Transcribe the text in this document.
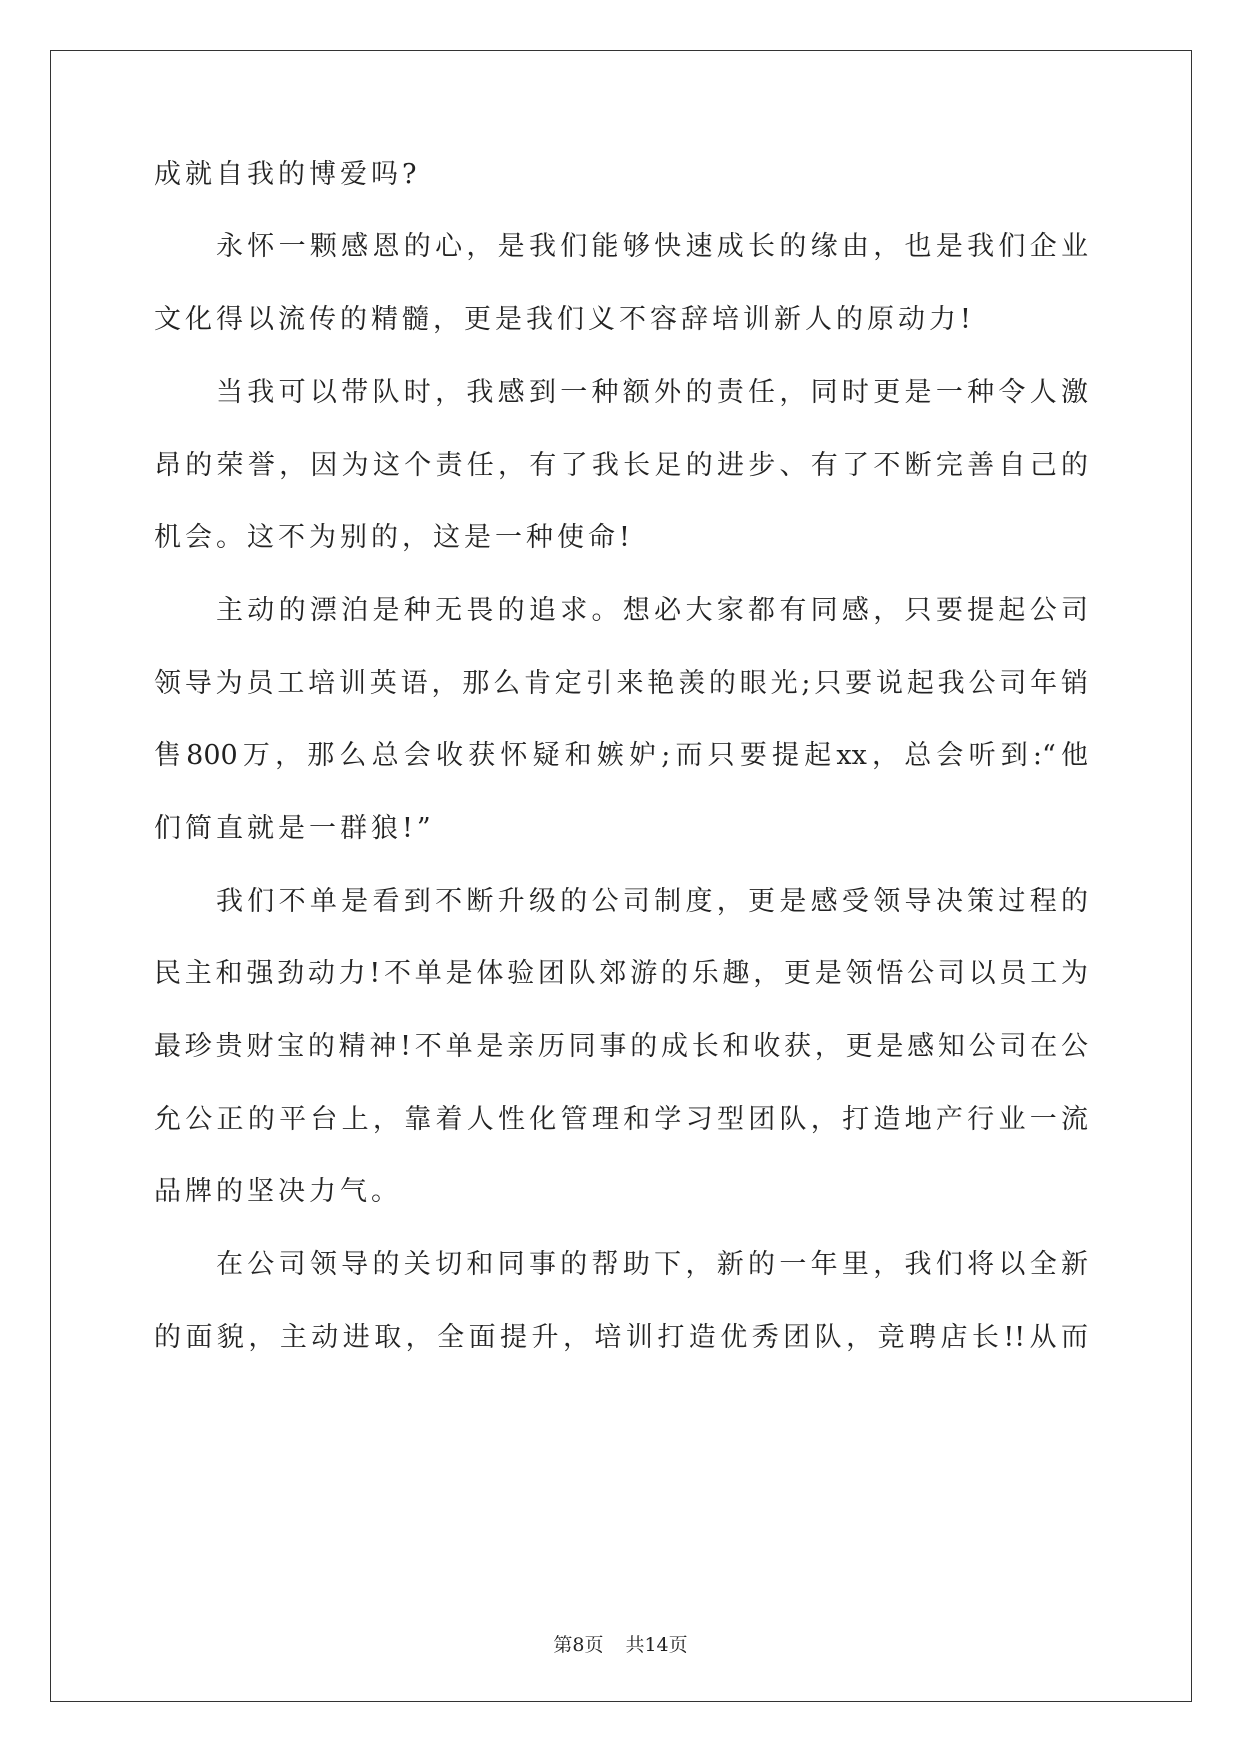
成就自我的博爱吗?
永怀一颗感恩的心，是我们能够快速成长的缘由，也是我们企业
文化得以流传的精髓，更是我们义不容辞培训新人的原动力!
当我可以带队时，我感到一种额外的责任，同时更是一种令人激
昂的荣誉，因为这个责任，有了我长足的进步、有了不断完善自己的
机会。这不为别的，这是一种使命!
主动的漂泊是种无畏的追求。想必大家都有同感，只要提起公司
领导为员工培训英语，那么肯定引来艳羡的眼光;只要说起我公司年销
售800万，那么总会收获怀疑和嫉妒;而只要提起xx，总会听到:“他
们简直就是一群狼!”
我们不单是看到不断升级的公司制度，更是感受领导决策过程的
民主和强劲动力!不单是体验团队郊游的乐趣，更是领悟公司以员工为
最珍贵财宝的精神!不单是亲历同事的成长和收获，更是感知公司在公
允公正的平台上，靠着人性化管理和学习型团队，打造地产行业一流
品牌的坚决力气。
在公司领导的关切和同事的帮助下，新的一年里，我们将以全新
的面貌，主动进取，全面提升，培训打造优秀团队，竞聘店长!!从而
第8页 共14页
